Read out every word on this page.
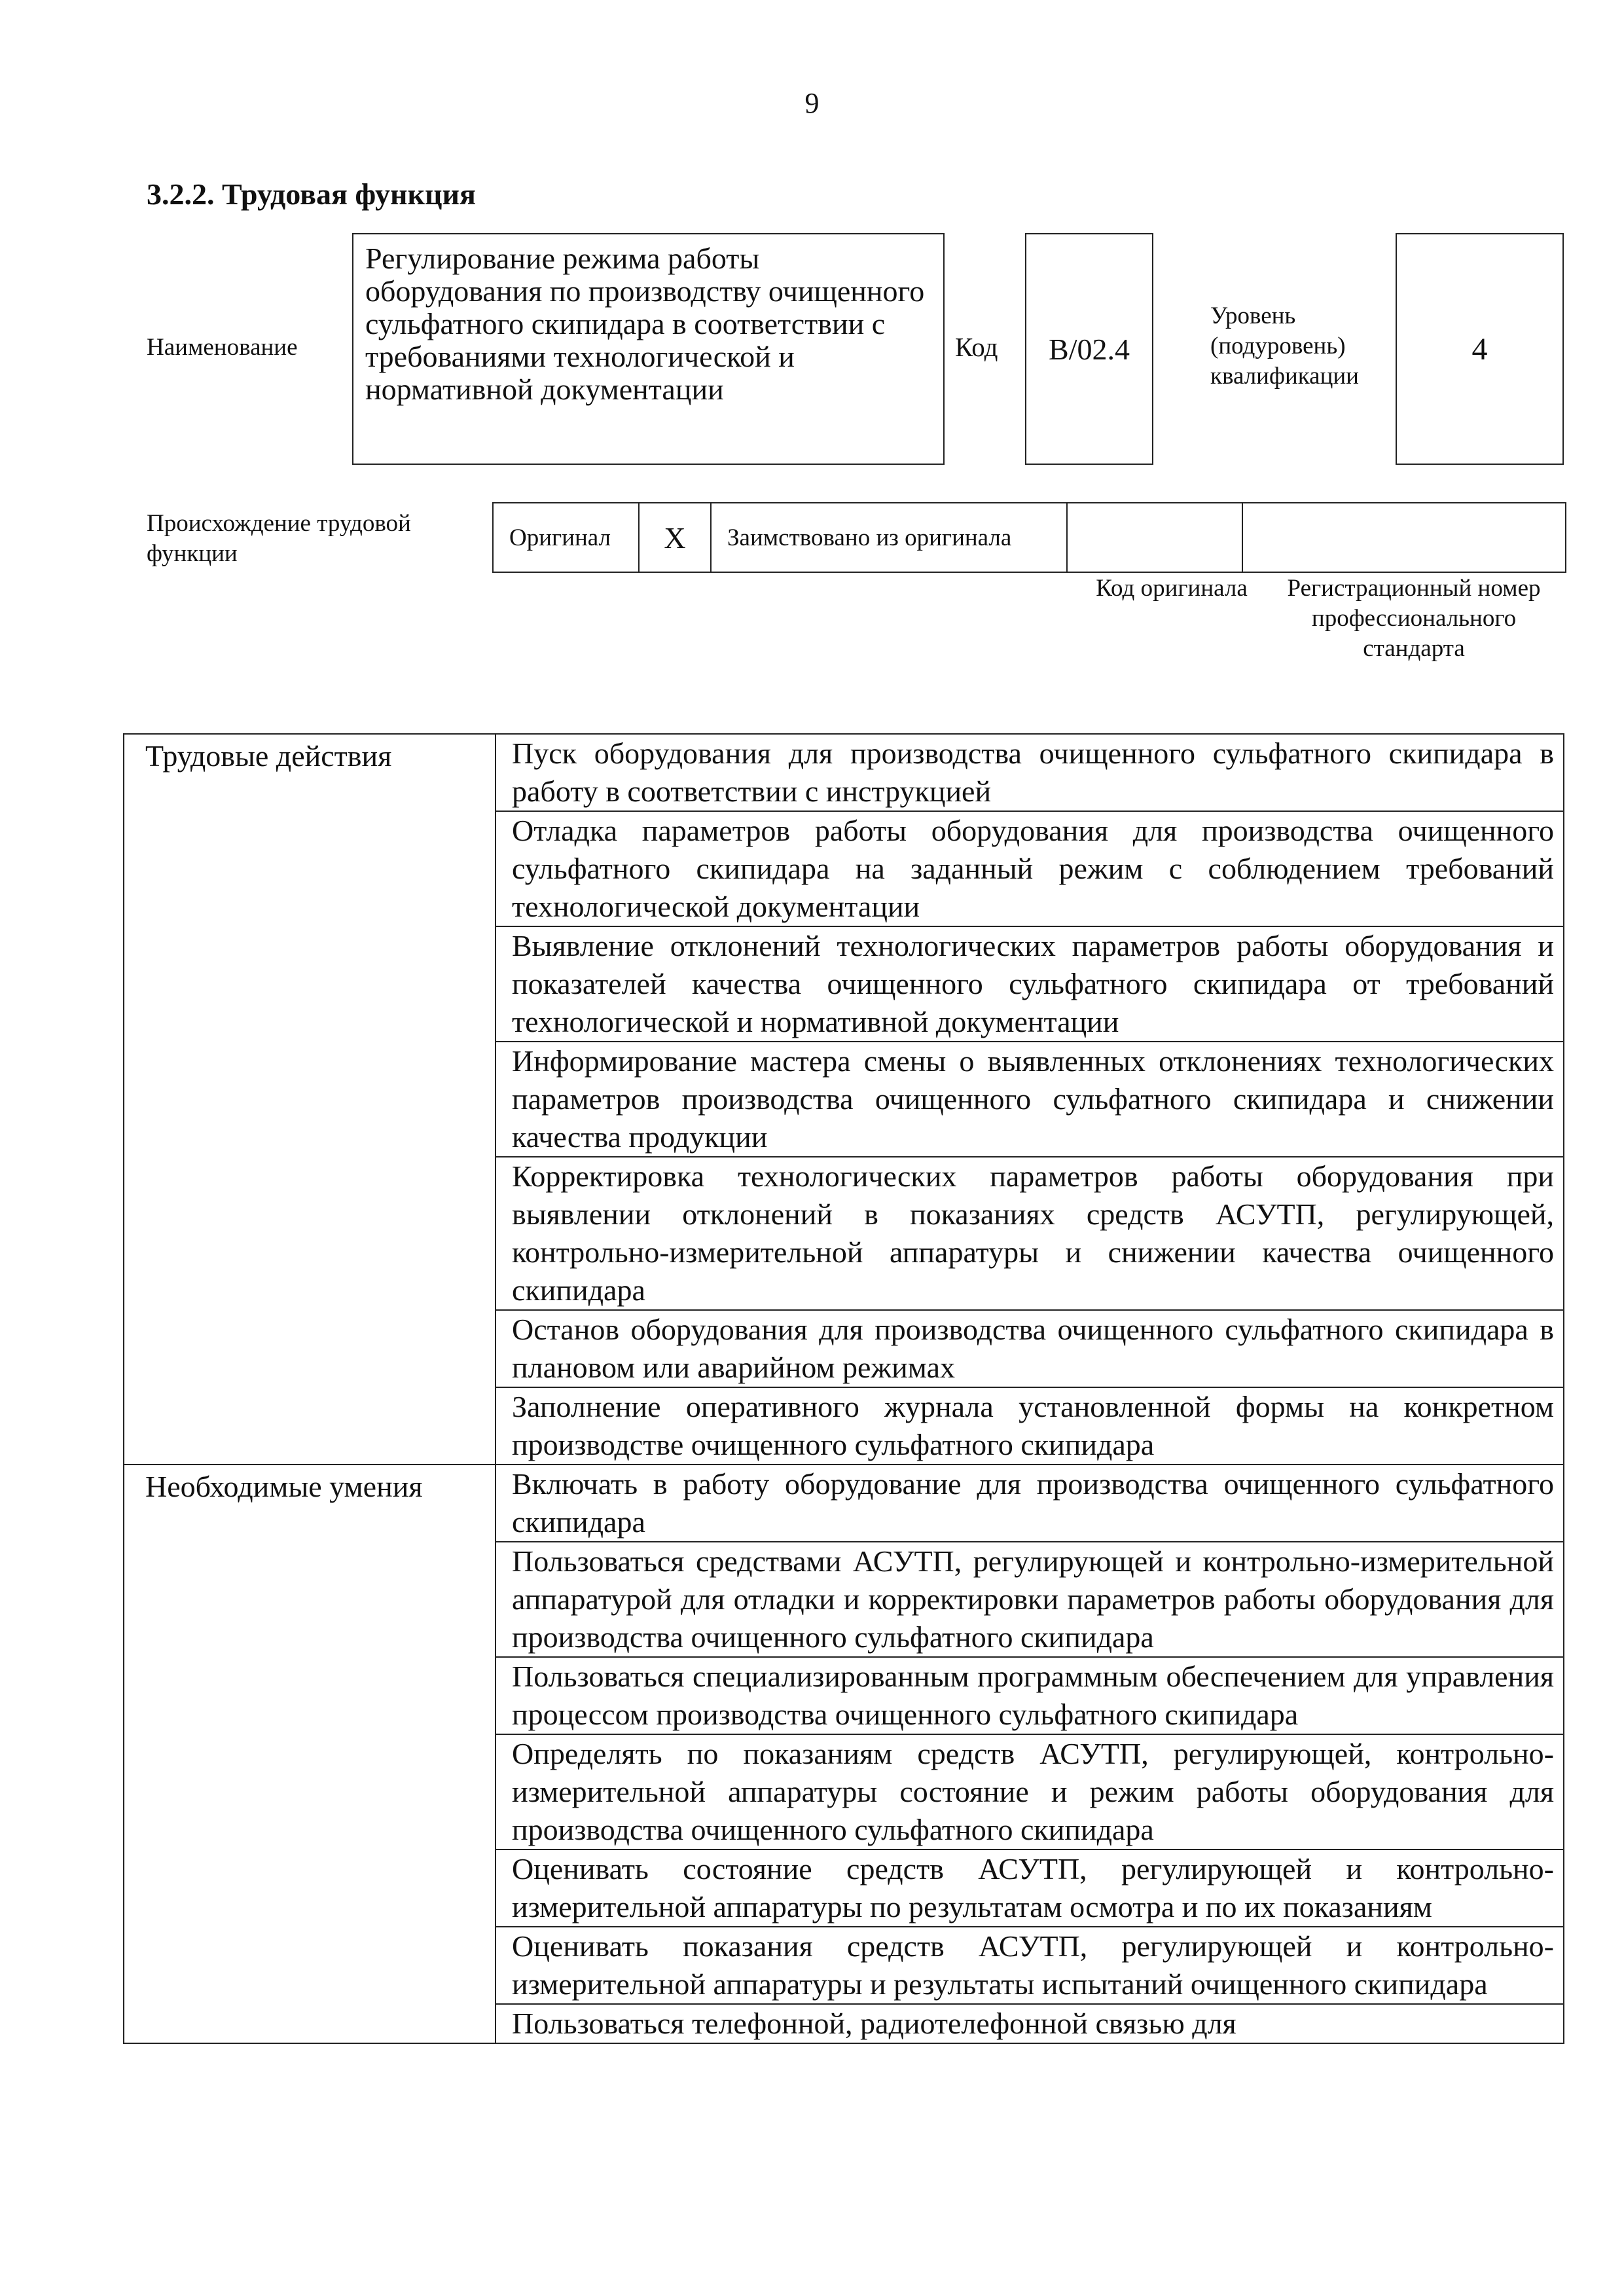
9
3.2.2. Трудовая функция
Наименование
Регулирование режима работы оборудования по производству очищенного сульфатного скипидара в соответствии с требованиями технологической и нормативной документации
Код	B/02.4
Уровень (подуровень) квалификации
4
Происхождение трудовой функции
Оригинал	X	Заимствовано из оригинала
Код оригинала	Регистрационный номер профессионального стандарта
Трудовые действия	Пуск оборудования для производства очищенного сульфатного скипидара в работу в соответствии с инструкцией
	Отладка параметров работы оборудования для производства очищенного сульфатного скипидара на заданный режим с соблюдением требований технологической документации
	Выявление отклонений технологических параметров работы оборудования и показателей качества очищенного сульфатного скипидара от требований технологической и нормативной документации
	Информирование мастера смены о выявленных отклонениях технологических параметров производства очищенного сульфатного скипидара и снижении качества продукции
	Корректировка технологических параметров работы оборудования при выявлении отклонений в показаниях средств АСУТП, регулирующей, контрольно-измерительной аппаратуры и снижении качества очищенного скипидара
	Останов оборудования для производства очищенного сульфатного скипидара в плановом или аварийном режимах
	Заполнение оперативного журнала установленной формы на конкретном производстве очищенного сульфатного скипидара
Необходимые умения	Включать в работу оборудование для производства очищенного сульфатного скипидара
	Пользоваться средствами АСУТП, регулирующей и контрольно-измерительной аппаратурой для отладки и корректировки параметров работы оборудования для производства очищенного сульфатного скипидара
	Пользоваться специализированным программным обеспечением для управления процессом производства очищенного сульфатного скипидара
	Определять по показаниям средств АСУТП, регулирующей, контрольно-измерительной аппаратуры состояние и режим работы оборудования для производства очищенного сульфатного скипидара
	Оценивать состояние средств АСУТП, регулирующей и контрольно-измерительной аппаратуры по результатам осмотра и по их показаниям
	Оценивать показания средств АСУТП, регулирующей и контрольно-измерительной аппаратуры и результаты испытаний очищенного скипидара
	Пользоваться телефонной, радиотелефонной связью для
